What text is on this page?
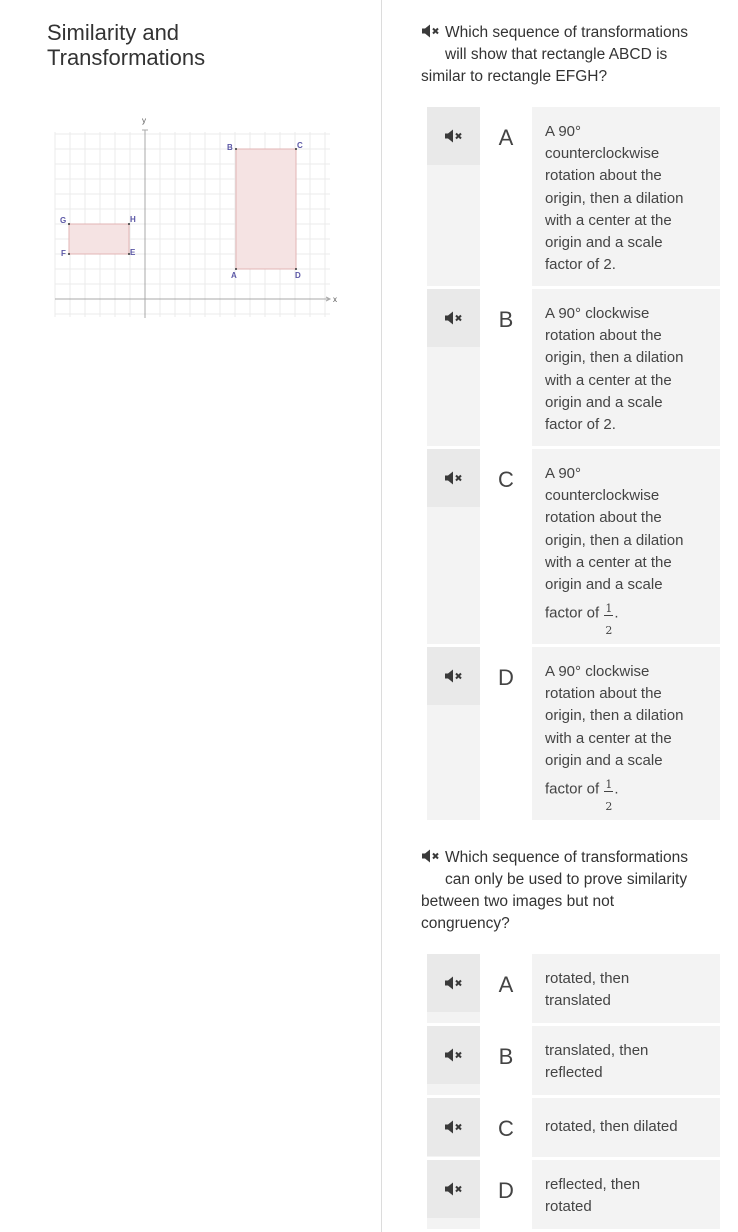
Similarity and
Transformations
x
y
G	H
F	E
B	C
A	D
Which sequence of transformations
will show that rectangle ABCD is
similar to rectangle EFGH?
A	A 90°
counterclockwise
rotation about the
origin, then a dilation
with a center at the
origin and a scale
factor of 2.
B	A 90° clockwise
rotation about the
origin, then a dilation
with a center at the
origin and a scale
factor of 2.
C	A 90°
counterclockwise
rotation about the
origin, then a dilation
with a center at the
origin and a scale
factor of $\frac{1}{2}$ .
D	A 90° clockwise
rotation about the
origin, then a dilation
with a center at the
origin and a scale
factor of $\frac{1}{2}$ .
Which sequence of transformations
can only be used to prove similarity
between two images but not
congruency?
A	rotated, then
translated
B	translated, then
reflected
C	rotated, then dilated
D	reflected, then
rotated
